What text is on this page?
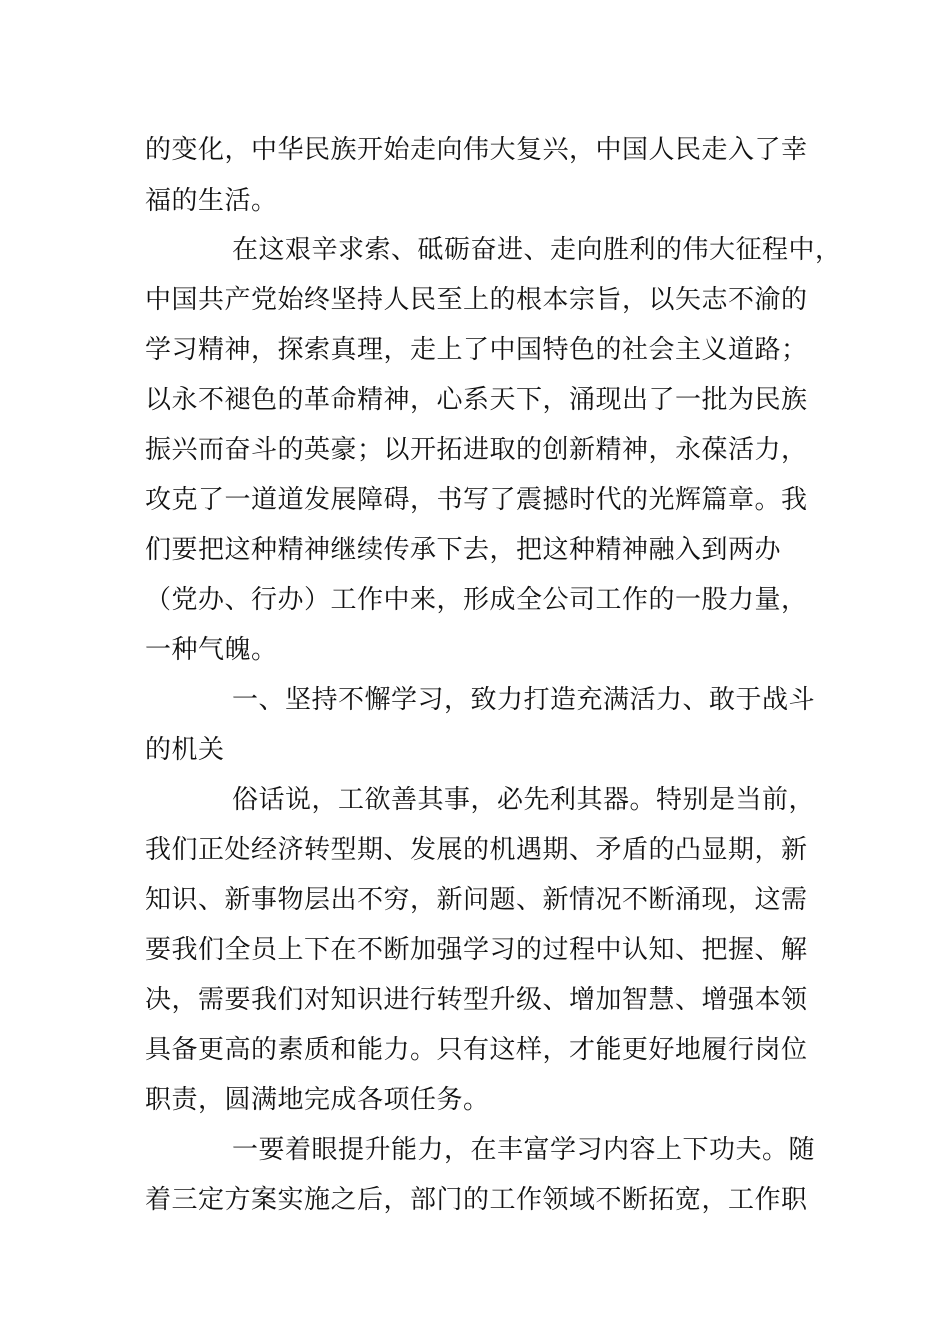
的变化，中华民族开始走向伟大复兴，中国人民走入了幸
福的生活。
在这艰辛求索、砥砺奋进、走向胜利的伟大征程中，
中国共产党始终坚持人民至上的根本宗旨，以矢志不渝的
学习精神，探索真理，走上了中国特色的社会主义道路；
以永不褪色的革命精神，心系天下，涌现出了一批为民族
振兴而奋斗的英豪；以开拓进取的创新精神，永葆活力，
攻克了一道道发展障碍，书写了震撼时代的光辉篇章。我
们要把这种精神继续传承下去，把这种精神融入到两办
（党办、行办）工作中来，形成全公司工作的一股力量，
一种气魄。
一、坚持不懈学习，致力打造充满活力、敢于战斗
的机关
俗话说，工欲善其事，必先利其器。特别是当前，
我们正处经济转型期、发展的机遇期、矛盾的凸显期，新
知识、新事物层出不穷，新问题、新情况不断涌现，这需
要我们全员上下在不断加强学习的过程中认知、把握、解
决，需要我们对知识进行转型升级、增加智慧、增强本领
具备更高的素质和能力。只有这样，才能更好地履行岗位
职责，圆满地完成各项任务。
一要着眼提升能力，在丰富学习内容上下功夫。随
着三定方案实施之后，部门的工作领域不断拓宽，工作职
